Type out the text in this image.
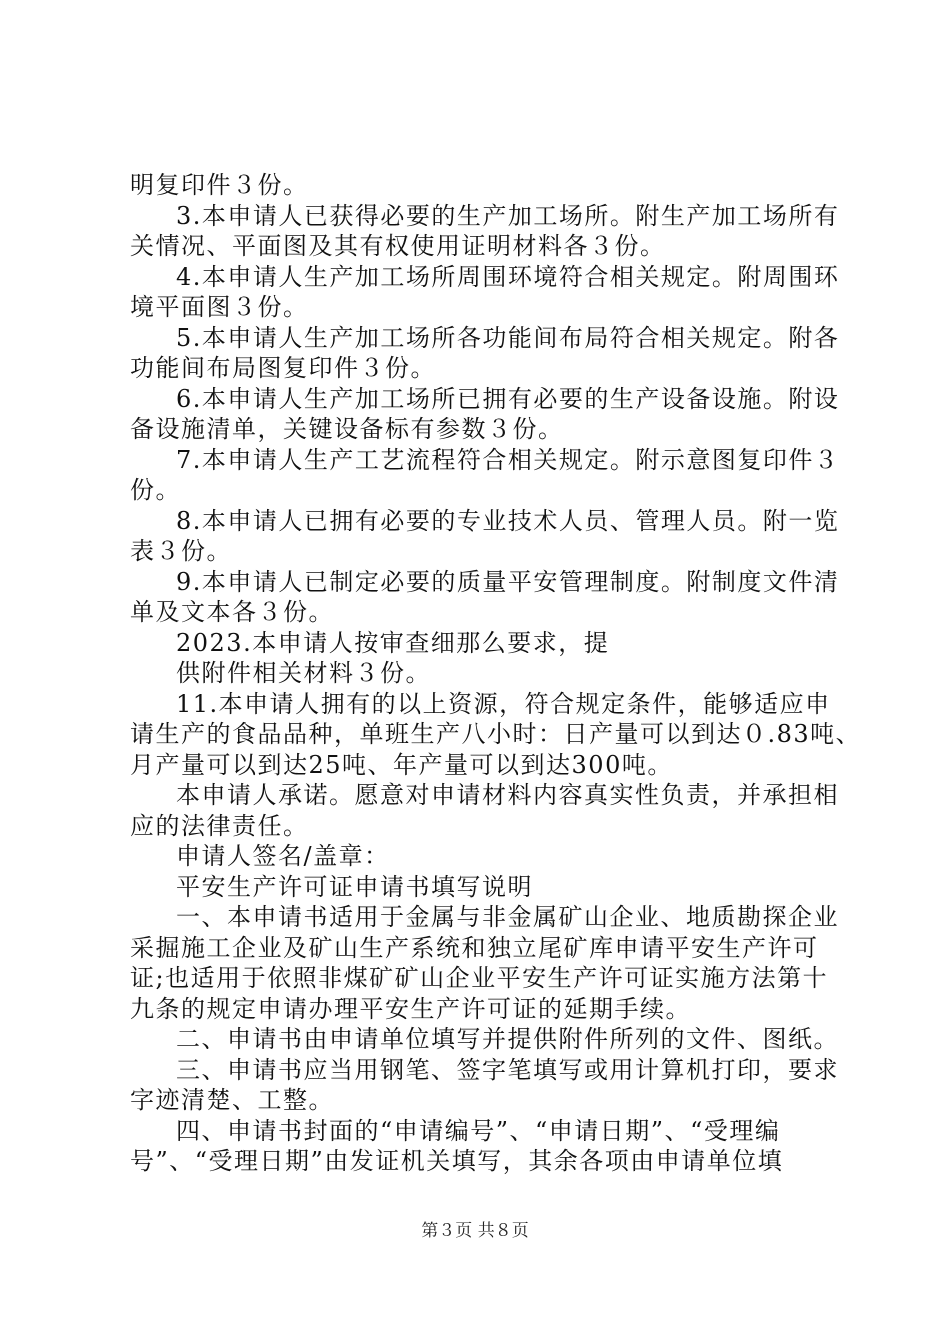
明复印件３份。
3.本申请人已获得必要的生产加工场所。附生产加工场所有
关情况、平面图及其有权使用证明材料各３份。
4.本申请人生产加工场所周围环境符合相关规定。附周围环
境平面图３份。
5.本申请人生产加工场所各功能间布局符合相关规定。附各
功能间布局图复印件３份。
6.本申请人生产加工场所已拥有必要的生产设备设施。附设
备设施清单，关键设备标有参数３份。
7.本申请人生产工艺流程符合相关规定。附示意图复印件３
份。
8.本申请人已拥有必要的专业技术人员、管理人员。附一览
表３份。
9.本申请人已制定必要的质量平安管理制度。附制度文件清
单及文本各３份。
2023.本申请人按审查细那么要求，提
供附件相关材料３份。
11.本申请人拥有的以上资源，符合规定条件，能够适应申
请生产的食品品种，单班生产八小时：日产量可以到达０.83吨、
月产量可以到达25吨、年产量可以到达300吨。
本申请人承诺。愿意对申请材料内容真实性负责，并承担相
应的法律责任。
申请人签名/盖章：
平安生产许可证申请书填写说明
一、本申请书适用于金属与非金属矿山企业、地质勘探企业
采掘施工企业及矿山生产系统和独立尾矿库申请平安生产许可
证;也适用于依照非煤矿矿山企业平安生产许可证实施方法第十
九条的规定申请办理平安生产许可证的延期手续。
二、申请书由申请单位填写并提供附件所列的文件、图纸。
三、申请书应当用钢笔、签字笔填写或用计算机打印，要求
字迹清楚、工整。
四、申请书封面的“申请编号”、“申请日期”、“受理编
号”、“受理日期”由发证机关填写，其余各项由申请单位填
第３页 共８页
